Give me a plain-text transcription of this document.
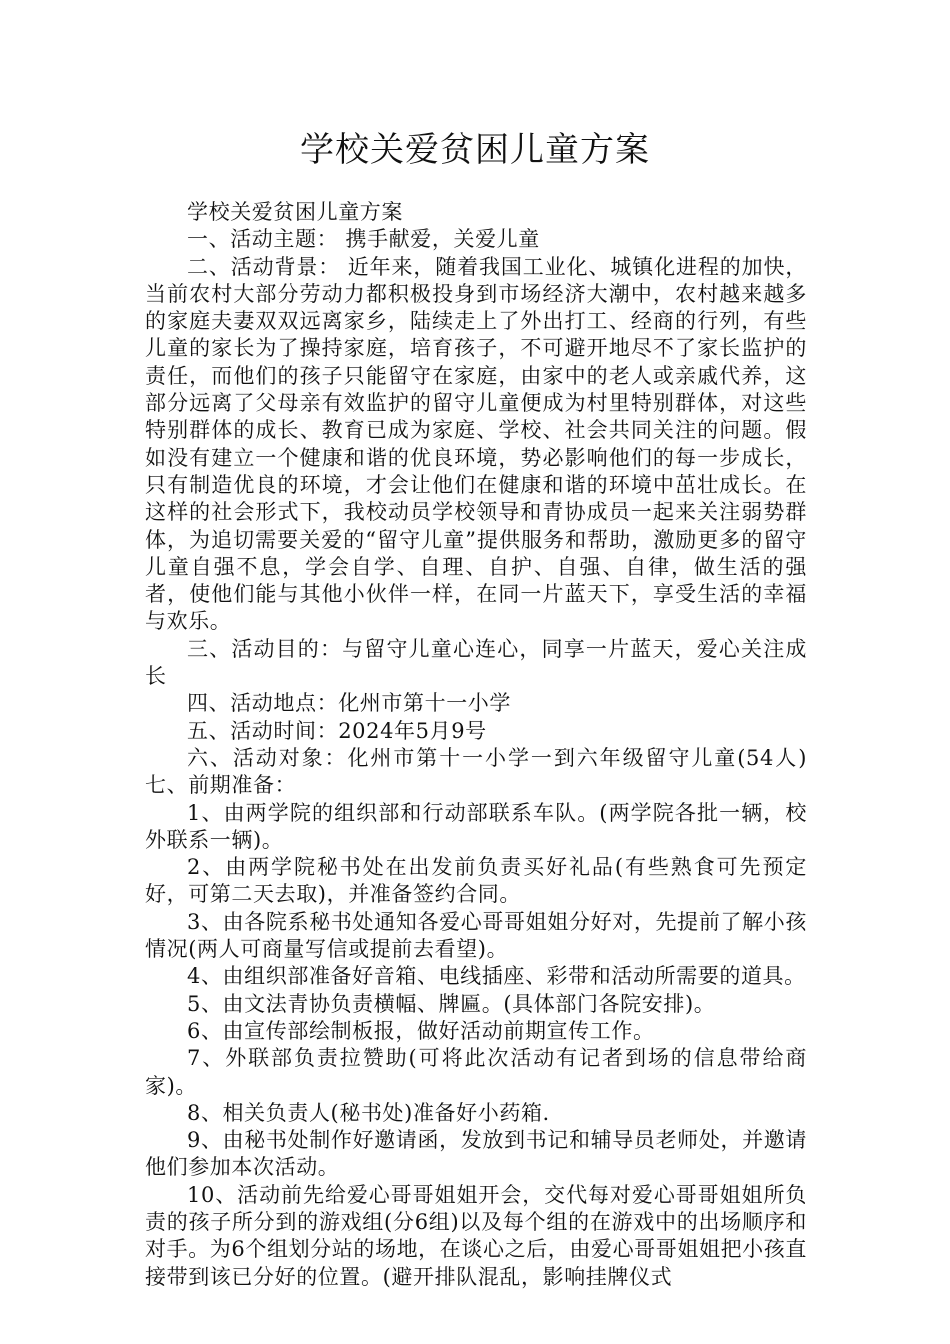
学校关爱贫困儿童方案

学校关爱贫困儿童方案

一、活动主题： 携手献爱，关爱儿童

二、活动背景： 近年来，随着我国工业化、城镇化进程的加快，当前农村大部分劳动力都积极投身到市场经济大潮中，农村越来越多的家庭夫妻双双远离家乡，陆续走上了外出打工、经商的行列，有些儿童的家长为了操持家庭，培育孩子，不可避开地尽不了家长监护的责任，而他们的孩子只能留守在家庭，由家中的老人或亲戚代养，这部分远离了父母亲有效监护的留守儿童便成为村里特别群体，对这些特别群体的成长、教育已成为家庭、学校、社会共同关注的问题。假如没有建立一个健康和谐的优良环境，势必影响他们的每一步成长，只有制造优良的环境，才会让他们在健康和谐的环境中茁壮成长。在这样的社会形式下，我校动员学校领导和青协成员一起来关注弱势群体，为追切需要关爱的“留守儿童”提供服务和帮助，激励更多的留守儿童自强不息，学会自学、自理、自护、自强、自律，做生活的强者，使他们能与其他小伙伴一样，在同一片蓝天下，享受生活的幸福与欢乐。

三、活动目的：与留守儿童心连心，同享一片蓝天，爱心关注成长

四、活动地点：化州市第十一小学

五、活动时间：2024年5月9号

六、活动对象：化州市第十一小学一到六年级留守儿童(54人) 七、前期准备：

1、由两学院的组织部和行动部联系车队。(两学院各批一辆，校外联系一辆)。

2、由两学院秘书处在出发前负责买好礼品(有些熟食可先预定好，可第二天去取)，并准备签约合同。

3、由各院系秘书处通知各爱心哥哥姐姐分好对，先提前了解小孩情况(两人可商量写信或提前去看望)。

4、由组织部准备好音箱、电线插座、彩带和活动所需要的道具。

5、由文法青协负责横幅、牌匾。(具体部门各院安排)。

6、由宣传部绘制板报，做好活动前期宣传工作。

7、外联部负责拉赞助(可将此次活动有记者到场的信息带给商家)。

8、相关负责人(秘书处)准备好小药箱.

9、由秘书处制作好邀请函，发放到书记和辅导员老师处，并邀请他们参加本次活动。

10、活动前先给爱心哥哥姐姐开会，交代每对爱心哥哥姐姐所负责的孩子所分到的游戏组(分6组)以及每个组的在游戏中的出场顺序和对手。为6个组划分站的场地，在谈心之后，由爱心哥哥姐姐把小孩直接带到该已分好的位置。(避开排队混乱，影响挂牌仪式
